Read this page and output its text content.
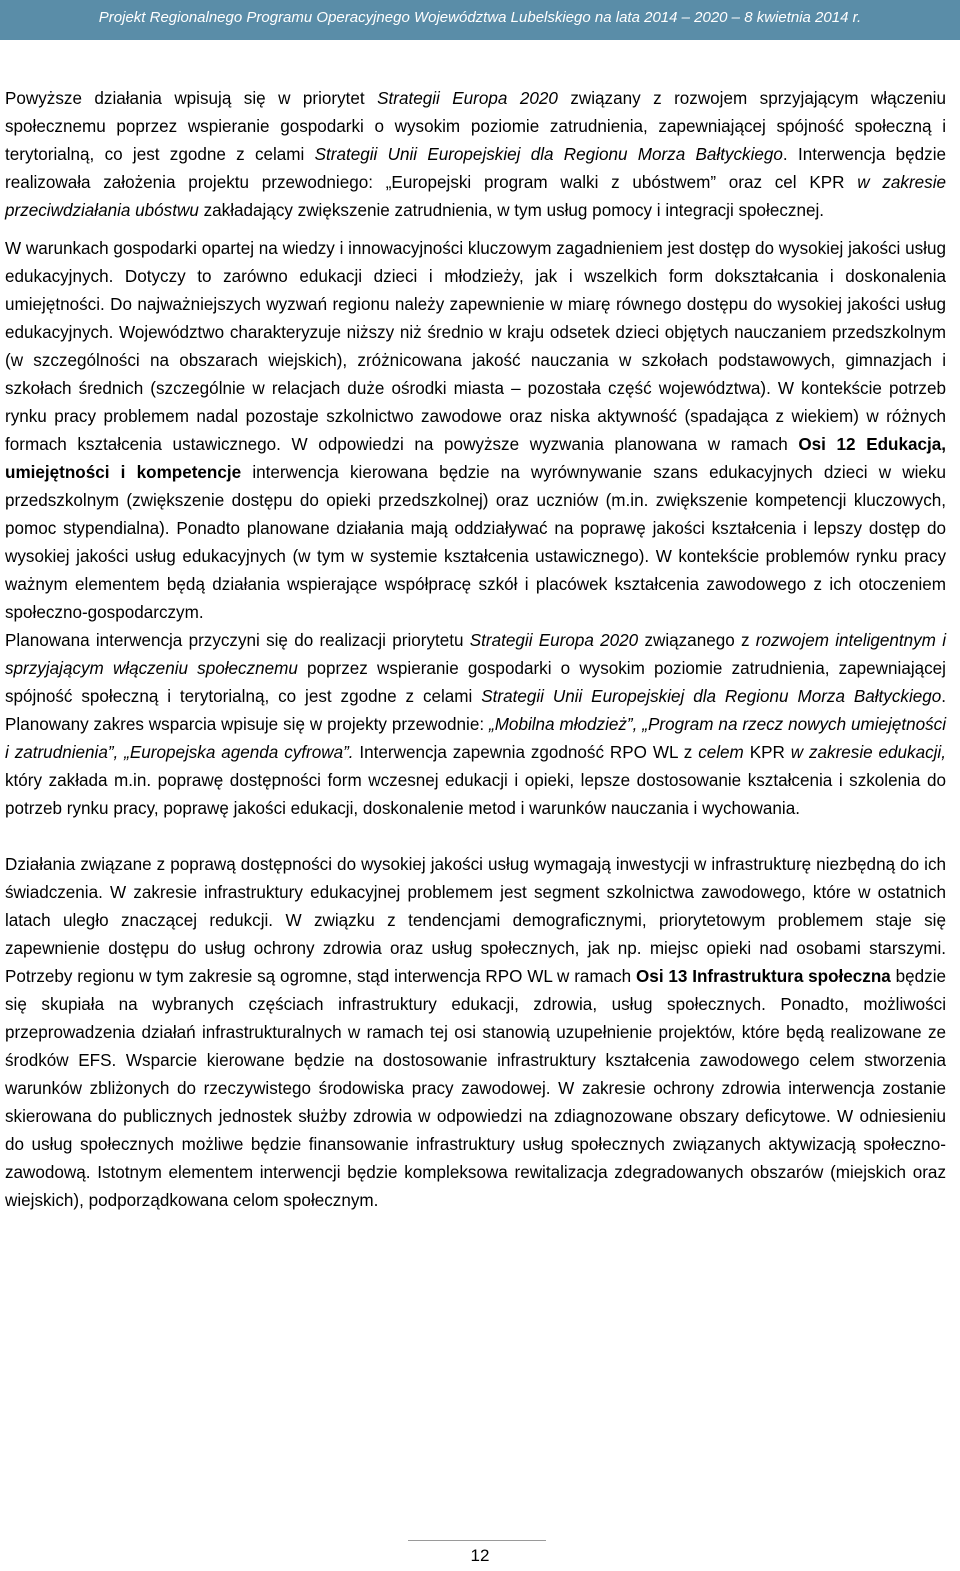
Projekt Regionalnego Programu Operacyjnego Województwa Lubelskiego na lata 2014 – 2020 – 8 kwietnia 2014 r.

Powyższe działania wpisują się w priorytet Strategii Europa 2020 związany z rozwojem sprzyjającym włączeniu społecznemu poprzez wspieranie gospodarki o wysokim poziomie zatrudnienia, zapewniającej spójność społeczną i terytorialną, co jest zgodne z celami Strategii Unii Europejskiej dla Regionu Morza Bałtyckiego. Interwencja będzie realizowała założenia projektu przewodniego: „Europejski program walki z ubóstwem” oraz cel KPR w zakresie przeciwdziałania ubóstwu zakładający zwiększenie zatrudnienia, w tym usług pomocy i integracji społecznej.

W warunkach gospodarki opartej na wiedzy i innowacyjności kluczowym zagadnieniem jest dostęp do wysokiej jakości usług edukacyjnych. Dotyczy to zarówno edukacji dzieci i młodzieży, jak i wszelkich form dokształcania i doskonalenia umiejętności. Do najważniejszych wyzwań regionu należy zapewnienie w miarę równego dostępu do wysokiej jakości usług edukacyjnych. Województwo charakteryzuje niższy niż średnio w kraju odsetek dzieci objętych nauczaniem przedszkolnym (w szczególności na obszarach wiejskich), zróżnicowana jakość nauczania w szkołach podstawowych, gimnazjach i szkołach średnich (szczególnie w relacjach duże ośrodki miasta – pozostała część województwa). W kontekście potrzeb rynku pracy problemem nadal pozostaje szkolnictwo zawodowe oraz niska aktywność (spadająca z wiekiem) w różnych formach kształcenia ustawicznego. W odpowiedzi na powyższe wyzwania planowana w ramach Osi 12 Edukacja, umiejętności i kompetencje interwencja kierowana będzie na wyrównywanie szans edukacyjnych dzieci w wieku przedszkolnym (zwiększenie dostępu do opieki przedszkolnej) oraz uczniów (m.in. zwiększenie kompetencji kluczowych, pomoc stypendialna). Ponadto planowane działania mają oddziaływać na poprawę jakości kształcenia i lepszy dostęp do wysokiej jakości usług edukacyjnych (w tym w systemie kształcenia ustawicznego). W kontekście problemów rynku pracy ważnym elementem będą działania wspierające współpracę szkół i placówek kształcenia zawodowego z ich otoczeniem społeczno-gospodarczym.

Planowana interwencja przyczyni się do realizacji priorytetu Strategii Europa 2020 związanego z rozwojem inteligentnym i sprzyjającym włączeniu społecznemu poprzez wspieranie gospodarki o wysokim poziomie zatrudnienia, zapewniającej spójność społeczną i terytorialną, co jest zgodne z celami Strategii Unii Europejskiej dla Regionu Morza Bałtyckiego. Planowany zakres wsparcia wpisuje się w projekty przewodnie: „Mobilna młodzież”, „Program na rzecz nowych umiejętności i zatrudnienia”, „Europejska agenda cyfrowa”. Interwencja zapewnia zgodność RPO WL z celem KPR w zakresie edukacji, który zakłada m.in. poprawę dostępności form wczesnej edukacji i opieki, lepsze dostosowanie kształcenia i szkolenia do potrzeb rynku pracy, poprawę jakości edukacji, doskonalenie metod i warunków nauczania i wychowania.

Działania związane z poprawą dostępności do wysokiej jakości usług wymagają inwestycji w infrastrukturę niezbędną do ich świadczenia. W zakresie infrastruktury edukacyjnej problemem jest segment szkolnictwa zawodowego, które w ostatnich latach uległo znaczącej redukcji. W związku z tendencjami demograficznymi, priorytetowym problemem staje się zapewnienie dostępu do usług ochrony zdrowia oraz usług społecznych, jak np. miejsc opieki nad osobami starszymi. Potrzeby regionu w tym zakresie są ogromne, stąd interwencja RPO WL w ramach Osi 13 Infrastruktura społeczna będzie się skupiała na wybranych częściach infrastruktury edukacji, zdrowia, usług społecznych. Ponadto, możliwości przeprowadzenia działań infrastrukturalnych w ramach tej osi stanowią uzupełnienie projektów, które będą realizowane ze środków EFS. Wsparcie kierowane będzie na dostosowanie infrastruktury kształcenia zawodowego celem stworzenia warunków zbliżonych do rzeczywistego środowiska pracy zawodowej. W zakresie ochrony zdrowia interwencja zostanie skierowana do publicznych jednostek służby zdrowia w odpowiedzi na zdiagnozowane obszary deficytowe. W odniesieniu do usług społecznych możliwe będzie finansowanie infrastruktury usług społecznych związanych aktywizacją społeczno-zawodową. Istotnym elementem interwencji będzie kompleksowa rewitalizacja zdegradowanych obszarów (miejskich oraz wiejskich), podporządkowana celom społecznym.

12
